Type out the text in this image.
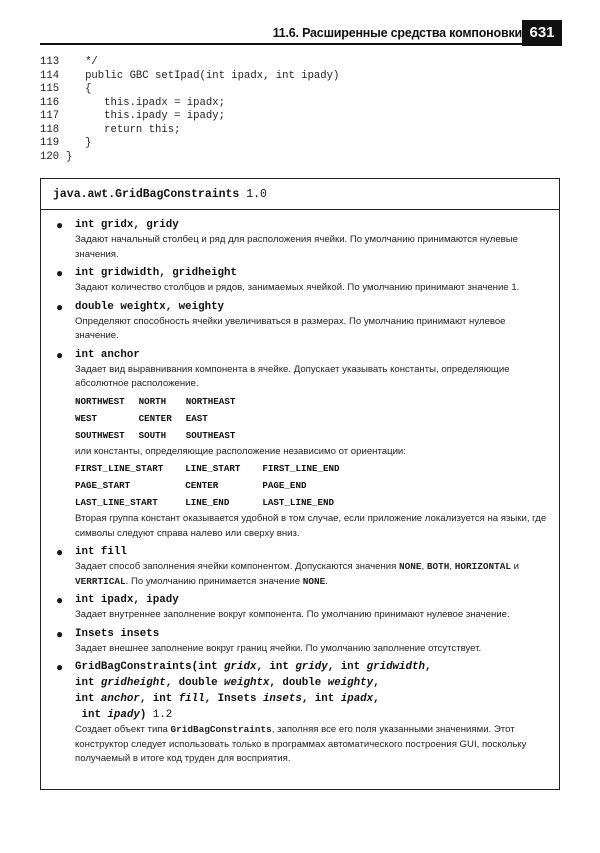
11.6. Расширенные средства компоновки 631
113   */
114   public GBC setIpad(int ipadx, int ipady)
115   {
116      this.ipadx = ipadx;
117      this.ipady = ipady;
118      return this;
119   }
120 }
java.awt.GridBagConstraints 1.0
● int gridx, gridy
Задают начальный столбец и ряд для расположения ячейки. По умолчанию принимаются нулевые значения.
● int gridwidth, gridheight
Задают количество столбцов и рядов, занимаемых ячейкой. По умолчанию принимают значение 1.
● double weightx, weighty
Определяют способность ячейки увеличиваться в размерах. По умолчанию принимают нулевое значение.
● int anchor
Задает вид выравнивания компонента в ячейке. Допускает указывать константы, определяющие абсолютное расположение.
NORTHWEST	NORTH	NORTHEAST
WEST	CENTER	EAST
SOUTHWEST	SOUTH	SOUTHEAST
или константы, определяющие расположение независимо от ориентации:
FIRST_LINE_START	LINE_START	FIRST_LINE_END
PAGE_START	CENTER	PAGE_END
LAST_LINE_START	LINE_END	LAST_LINE_END
Вторая группа констант оказывается удобной в том случае, если приложение локализуется на языки, где символы следуют справа налево или сверху вниз.
● int fill
Задает способ заполнения ячейки компонентом. Допускаются значения NONE, BOTH, HORIZONTAL и VERRTICAL. По умолчанию принимается значение NONE.
● int ipadx, ipady
Задает внутреннее заполнение вокруг компонента. По умолчанию принимают нулевое значение.
● Insets insets
Задает внешнее заполнение вокруг границ ячейки. По умолчанию заполнение отсутствует.
● GridBagConstraints(int gridx, int gridy, int gridwidth,
int gridheight, double weightx, double weighty,
int anchor, int fill, Insets insets, int ipadx,
int ipady) 1.2
Создает объект типа GridBagConstraints, заполняя все его поля указанными значениями. Этот конструктор следует использовать только в программах автоматического построения GUI, поскольку получаемый в итоге код труден для восприятия.
